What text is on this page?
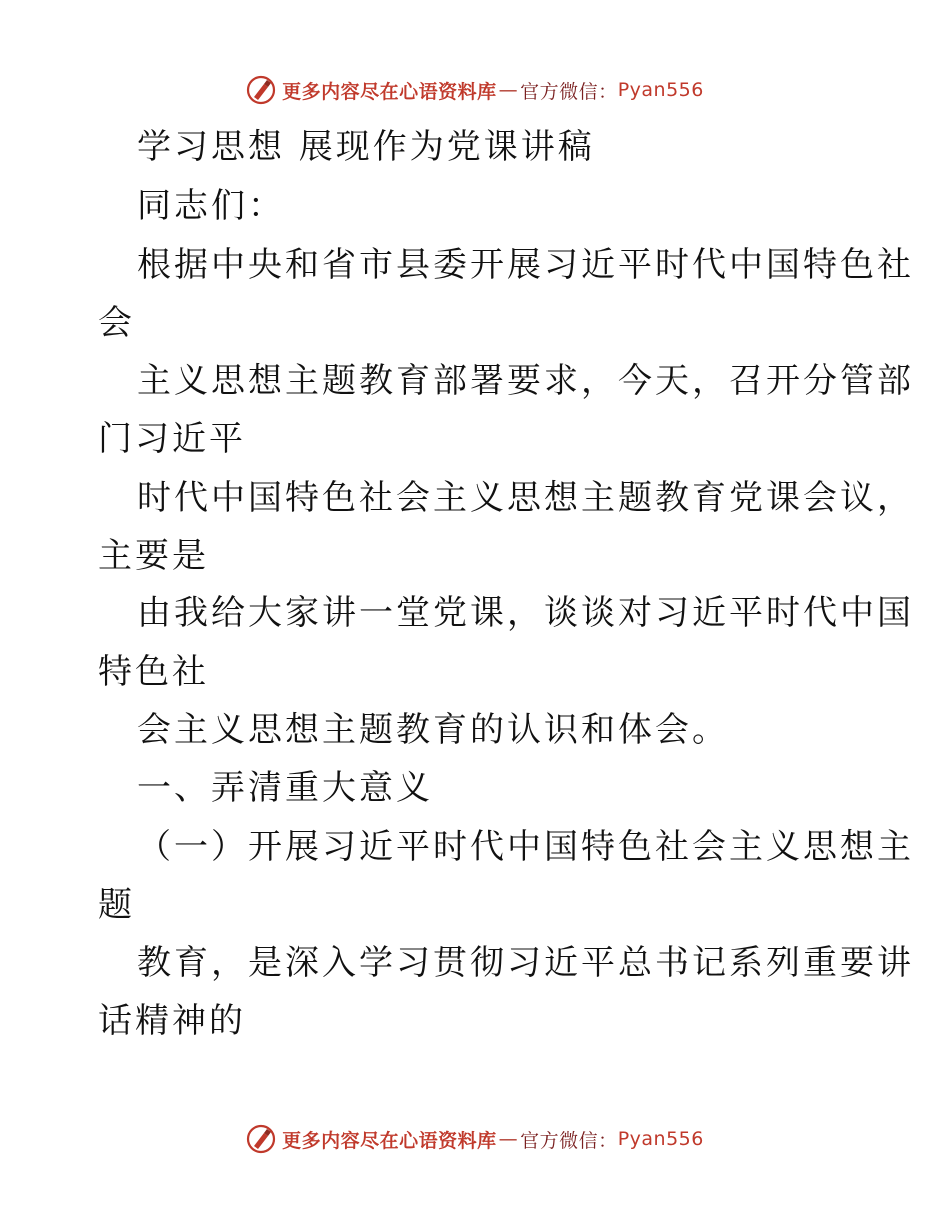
更多内容尽在心语资料库 — 官方微信： Pyan556
学习思想 展现作为党课讲稿
同志们：
根据中央和省市县委开展习近平时代中国特色社
会
主义思想主题教育部署要求，今天，召开分管部
门习近平
时代中国特色社会主义思想主题教育党课会议，
主要是
由我给大家讲一堂党课，谈谈对习近平时代中国
特色社
会主义思想主题教育的认识和体会。
一、弄清重大意义
（一）开展习近平时代中国特色社会主义思想主
题
教育，是深入学习贯彻习近平总书记系列重要讲
话精神的
更多内容尽在心语资料库 — 官方微信： Pyan556
